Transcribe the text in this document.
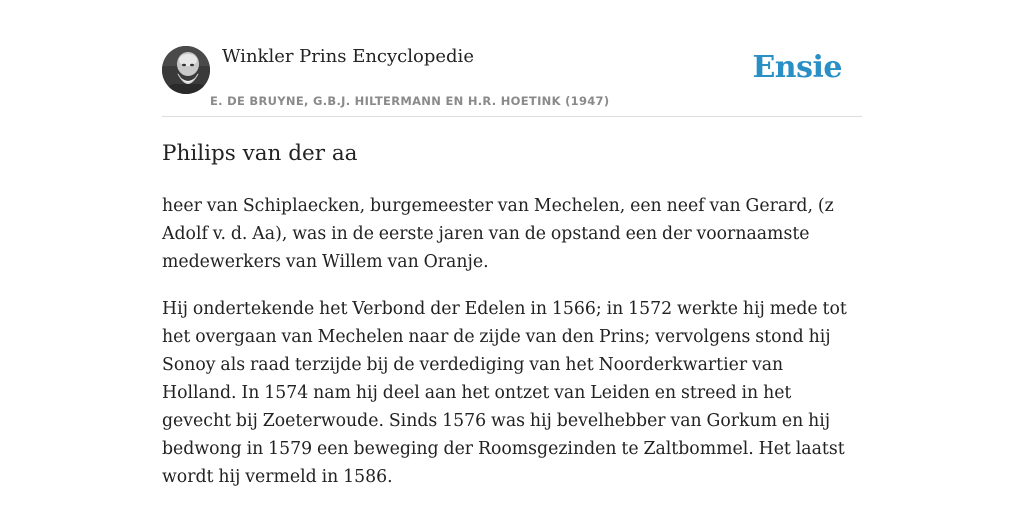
Winkler Prins Encyclopedie
E. DE BRUYNE, G.B.J. HILTERMANN EN H.R. HOETINK (1947)
Ensie
Philips van der aa

heer van Schiplaecken, burgemeester van Mechelen, een neef van Gerard, (z Adolf v. d. Aa), was in de eerste jaren van de opstand een der voornaamste medewerkers van Willem van Oranje.

Hij ondertekende het Verbond der Edelen in 1566; in 1572 werkte hij mede tot het overgaan van Mechelen naar de zijde van den Prins; vervolgens stond hij Sonoy als raad terzijde bij de verdediging van het Noorderkwartier van Holland. In 1574 nam hij deel aan het ontzet van Leiden en streed in het gevecht bij Zoeterwoude. Sinds 1576 was hij bevelhebber van Gorkum en hij bedwong in 1579 een beweging der Roomsgezinden te Zaltbommel. Het laatst wordt hij vermeld in 1586.
